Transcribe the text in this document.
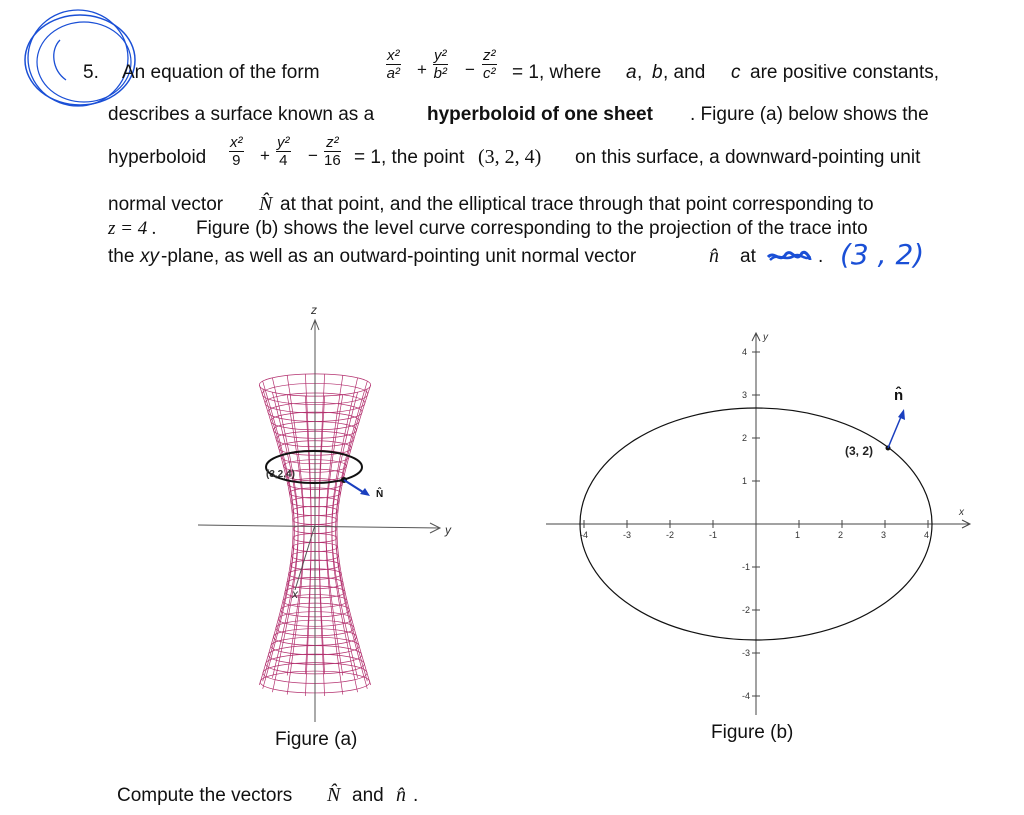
5. An equation of the form	$\frac{\text{x²}}{\text{a²}} + \frac{\text{y²}}{\text{b²}} - \frac{\text{z²}}{\text{c²}} = 1$, where a , b , and c are positive constants,
describes a surface known as a	hyperboloid of one sheet . Figure (a) below shows the
hyperboloid $\frac{\text{x²}}{9} + \frac{\text{y²}}{4} - \frac{\text{z²}}{16} = 1$, the point (3, 2, 4) on this surface, a downward-pointing unit
normal vector N̂ at that point, and the elliptical trace through that point corresponding to
z = 4 . Figure (b) shows the level curve corresponding to the projection of the trace into
the xy -plane, as well as an outward-pointing unit normal vector	n̂ at	. (3 , 2)
z
y
x
(3,2,4)
N̂
Figure (a)
x
y
-4	-3	-2	-1	1	2	3	4
4
3
2
1
-1
-2
-3
-4
(3, 2)
n̂
Figure (b)
Compute the vectors N̂ and n̂ .
